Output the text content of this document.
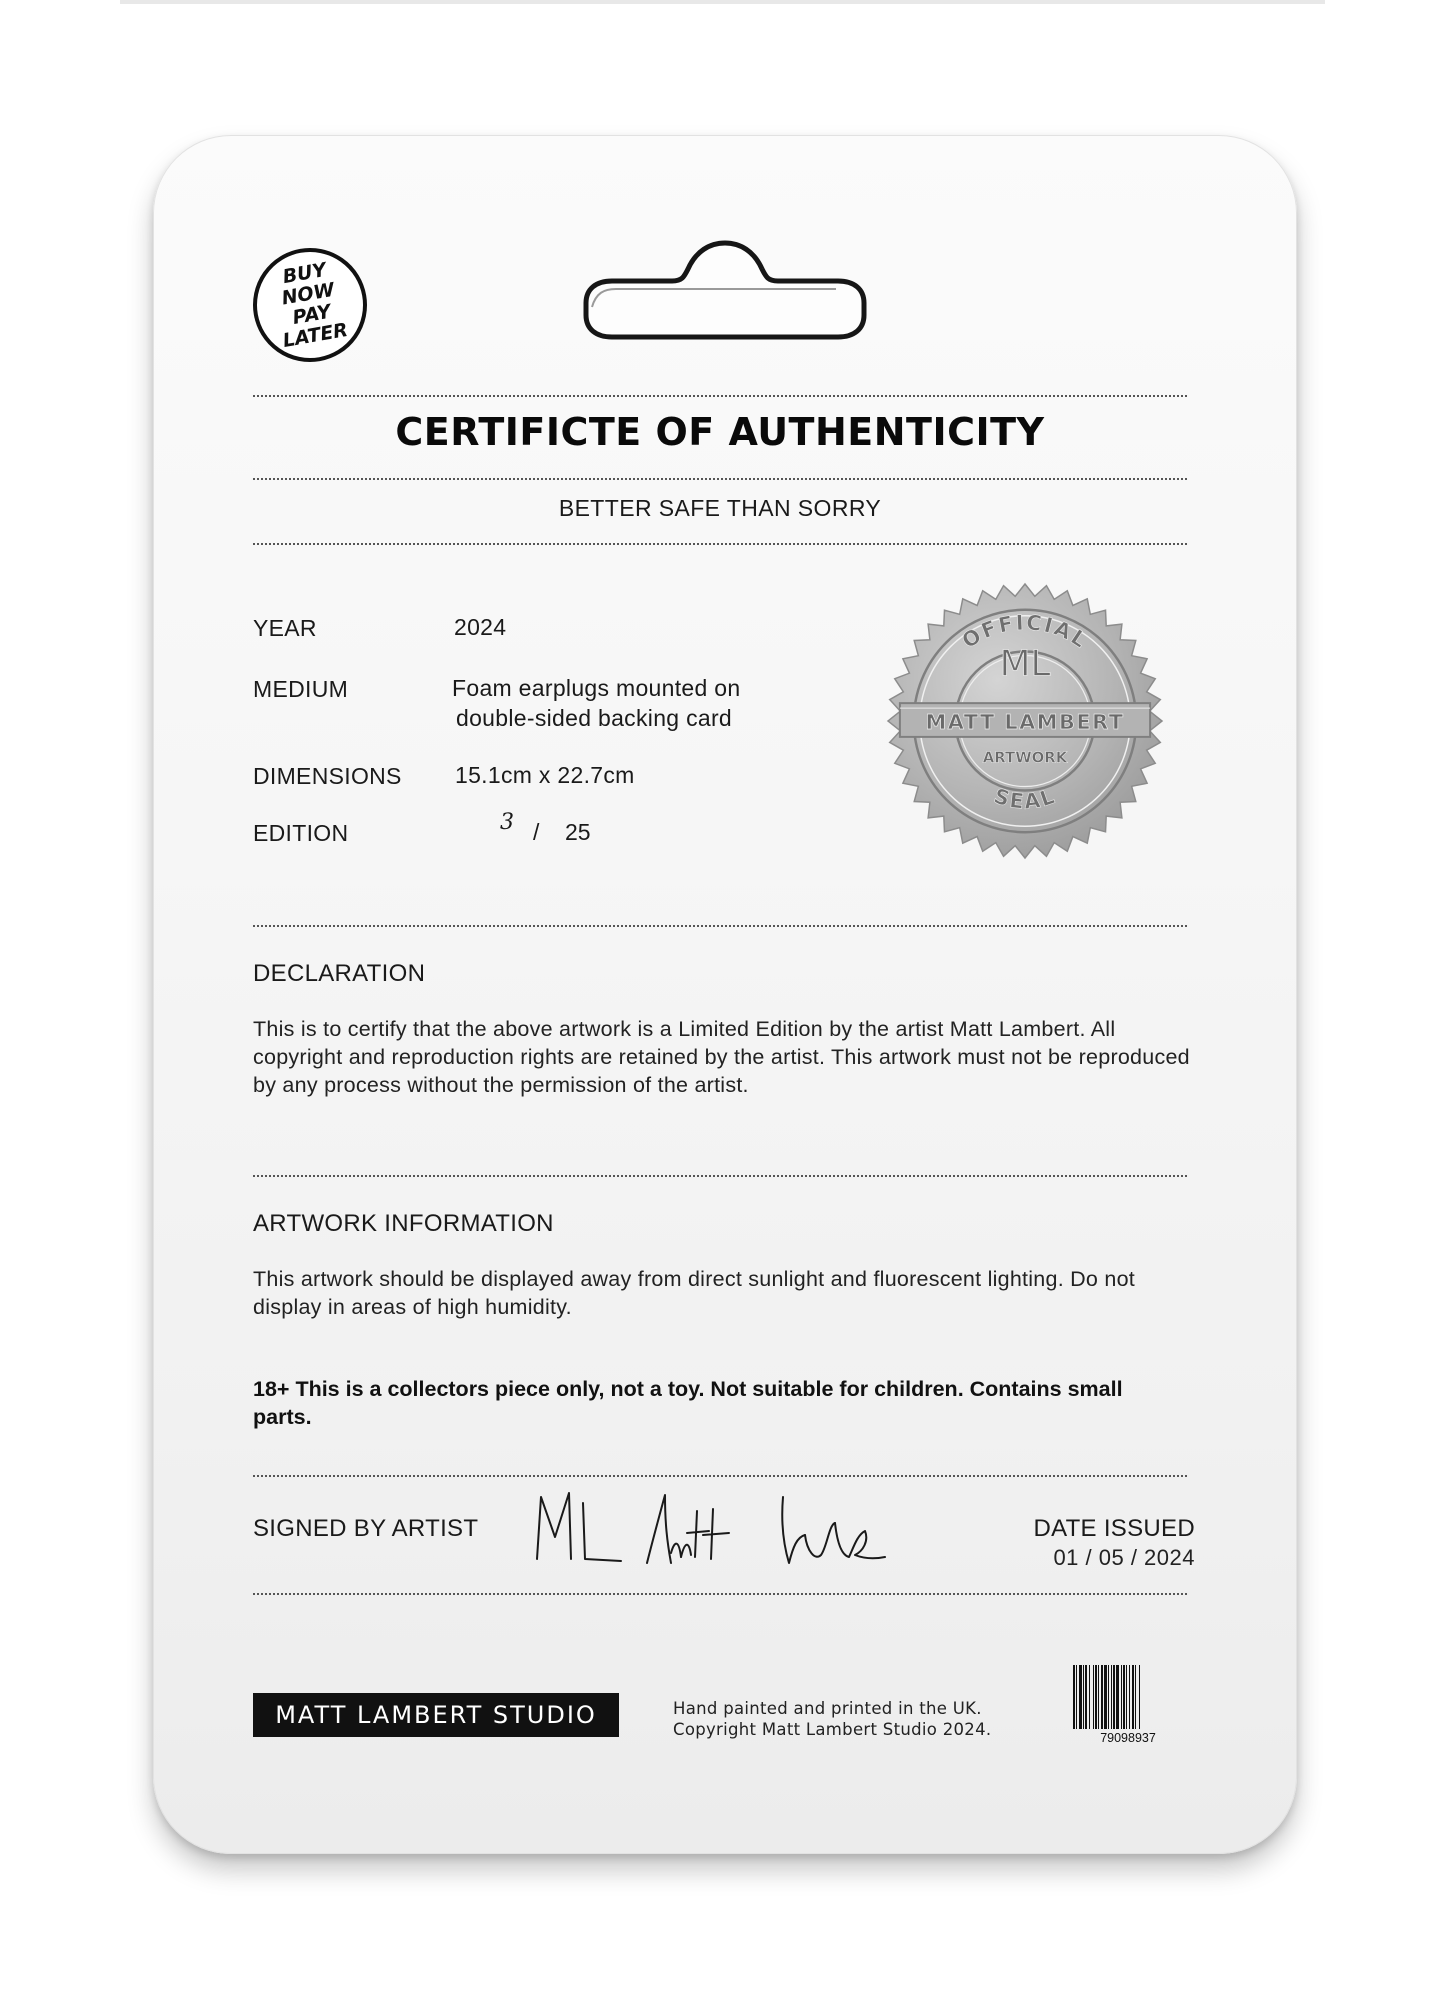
BUY
NOW PAY
LATER
CERTIFICTE OF AUTHENTICITY
BETTER SAFE THAN SORRY
YEAR	2024
MEDIUM	Foam earplugs mounted on
double-sided backing card
DIMENSIONS 15.1cm x 22.7cm
EDITION	3 / 25
OFFICIAL
SEAL
ML
MATT LAMBERT
ARTWORK
DECLARATION

This is to certify that the above artwork is a Limited Edition by the artist Matt Lambert. All copyright and reproduction rights are retained by the artist. This artwork must not be reproduced by any process without the permission of the artist.

ARTWORK INFORMATION

This artwork should be displayed away from direct sunlight and fluorescent lighting. Do not display in areas of high humidity.

18+ This is a collectors piece only, not a toy. Not suitable for children. Contains small parts.

SIGNED BY ARTIST	DATE ISSUED
01 / 05 / 2024
MATT LAMBERT STUDIO	Hand painted and printed in the UK.
Copyright Matt Lambert Studio 2024.	79098937
